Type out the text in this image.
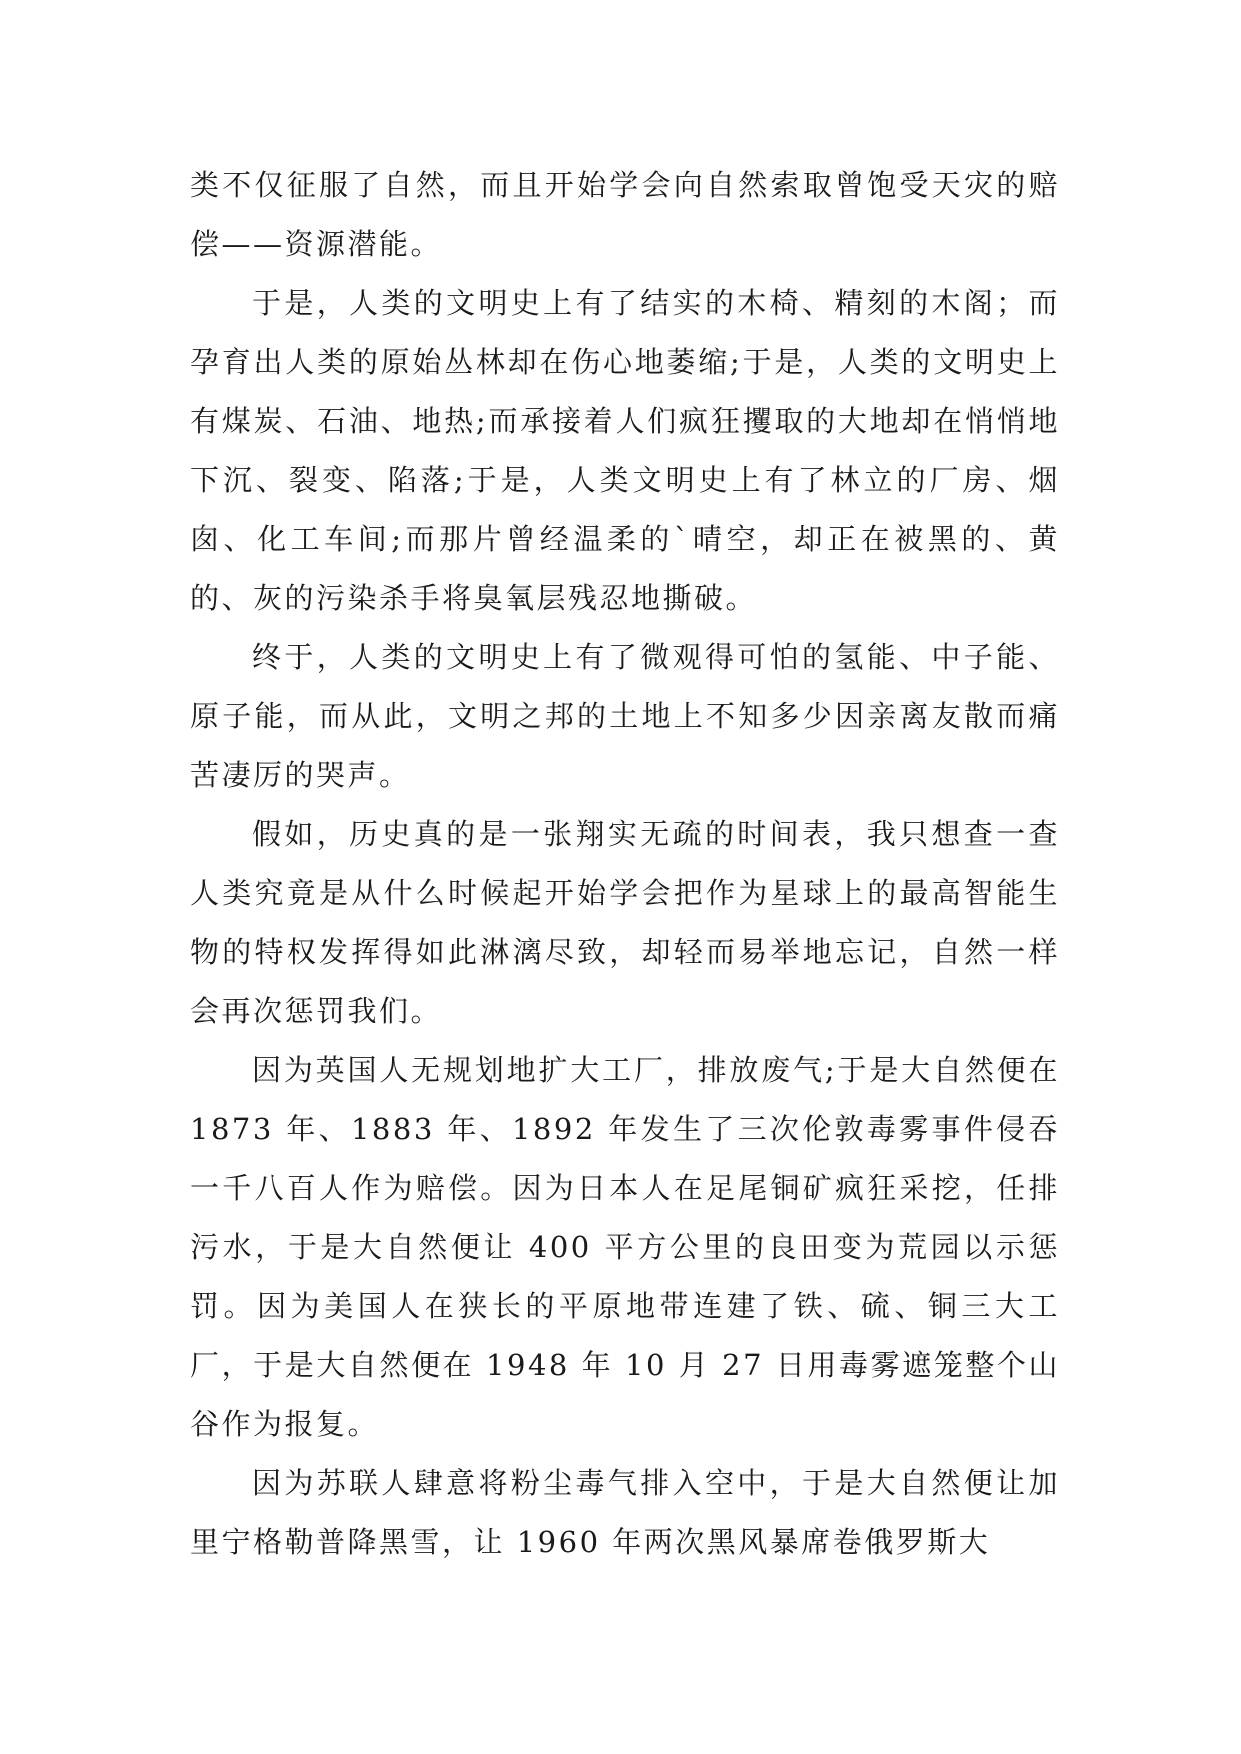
类不仅征服了自然，而且开始学会向自然索取曾饱受天灾的赔偿——资源潜能。

于是，人类的文明史上有了结实的木椅、精刻的木阁；而孕育出人类的原始丛林却在伤心地萎缩;于是，人类的文明史上有煤炭、石油、地热;而承接着人们疯狂攫取的大地却在悄悄地下沉、裂变、陷落;于是，人类文明史上有了林立的厂房、烟囱、化工车间;而那片曾经温柔的`晴空，却正在被黑的、黄的、灰的污染杀手将臭氧层残忍地撕破。

终于，人类的文明史上有了微观得可怕的氢能、中子能、原子能，而从此，文明之邦的土地上不知多少因亲离友散而痛苦凄厉的哭声。

假如，历史真的是一张翔实无疏的时间表，我只想查一查人类究竟是从什么时候起开始学会把作为星球上的最高智能生物的特权发挥得如此淋漓尽致，却轻而易举地忘记，自然一样会再次惩罚我们。

因为英国人无规划地扩大工厂，排放废气;于是大自然便在 1873 年、1883 年、1892 年发生了三次伦敦毒雾事件侵吞一千八百人作为赔偿。因为日本人在足尾铜矿疯狂采挖，任排污水，于是大自然便让 400 平方公里的良田变为荒园以示惩罚。因为美国人在狭长的平原地带连建了铁、硫、铜三大工厂，于是大自然便在 1948 年 10 月 27 日用毒雾遮笼整个山谷作为报复。

因为苏联人肆意将粉尘毒气排入空中，于是大自然便让加里宁格勒普降黑雪，让 1960 年两次黑风暴席卷俄罗斯大
